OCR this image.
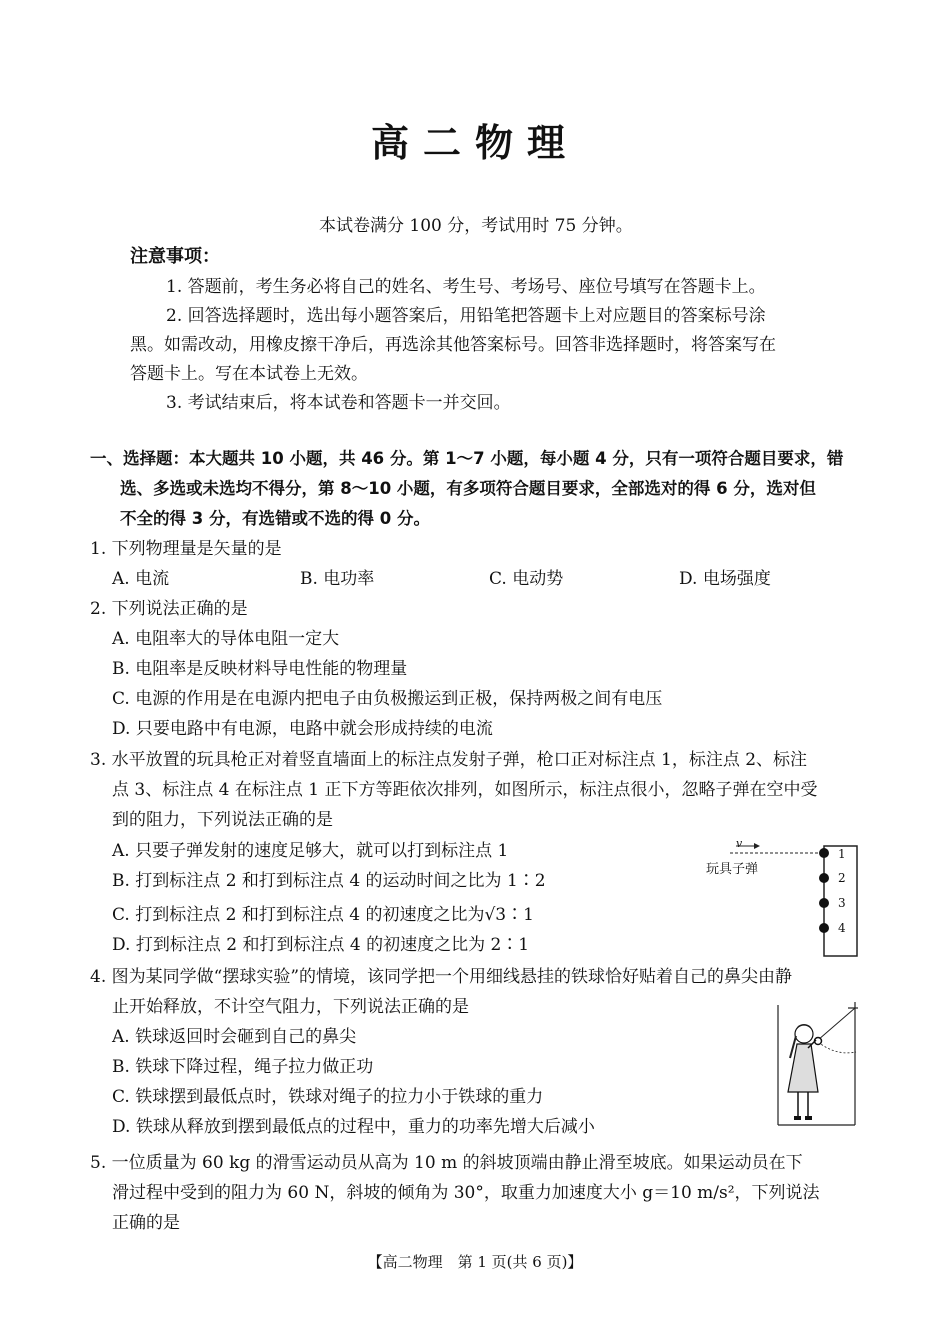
高二物理
本试卷满分 100 分，考试用时 75 分钟。
注意事项：
1. 答题前，考生务必将自己的姓名、考生号、考场号、座位号填写在答题卡上。
2. 回答选择题时，选出每小题答案后，用铅笔把答题卡上对应题目的答案标号涂
黑。如需改动，用橡皮擦干净后，再选涂其他答案标号。回答非选择题时，将答案写在
答题卡上。写在本试卷上无效。
3. 考试结束后，将本试卷和答题卡一并交回。
一、选择题：本大题共 10 小题，共 46 分。第 1～7 小题，每小题 4 分，只有一项符合题目要求，错
选、多选或未选均不得分，第 8～10 小题，有多项符合题目要求，全部选对的得 6 分，选对但
不全的得 3 分，有选错或不选的得 0 分。
1. 下列物理量是矢量的是
A. 电流	B. 电功率	C. 电动势	D. 电场强度
2. 下列说法正确的是
A. 电阻率大的导体电阻一定大
B. 电阻率是反映材料导电性能的物理量
C. 电源的作用是在电源内把电子由负极搬运到正极，保持两极之间有电压
D. 只要电路中有电源，电路中就会形成持续的电流
3. 水平放置的玩具枪正对着竖直墙面上的标注点发射子弹，枪口正对标注点 1，标注点 2、标注
点 3、标注点 4 在标注点 1 正下方等距依次排列，如图所示，标注点很小，忽略子弹在空中受
到的阻力，下列说法正确的是
A. 只要子弹发射的速度足够大，就可以打到标注点 1
B. 打到标注点 2 和打到标注点 4 的运动时间之比为 1∶2
C. 打到标注点 2 和打到标注点 4 的初速度之比为√3∶1
D. 打到标注点 2 和打到标注点 4 的初速度之比为 2∶1
v
玩具子弹
1
2
3
4
4. 图为某同学做“摆球实验”的情境，该同学把一个用细线悬挂的铁球恰好贴着自己的鼻尖由静
止开始释放，不计空气阻力，下列说法正确的是
A. 铁球返回时会砸到自己的鼻尖
B. 铁球下降过程，绳子拉力做正功
C. 铁球摆到最低点时，铁球对绳子的拉力小于铁球的重力
D. 铁球从释放到摆到最低点的过程中，重力的功率先增大后减小
5. 一位质量为 60 kg 的滑雪运动员从高为 10 m 的斜坡顶端由静止滑至坡底。如果运动员在下
滑过程中受到的阻力为 60 N，斜坡的倾角为 30°，取重力加速度大小 g＝10 m/s²，下列说法
正确的是
【高二物理　第 1 页(共 6 页)】
